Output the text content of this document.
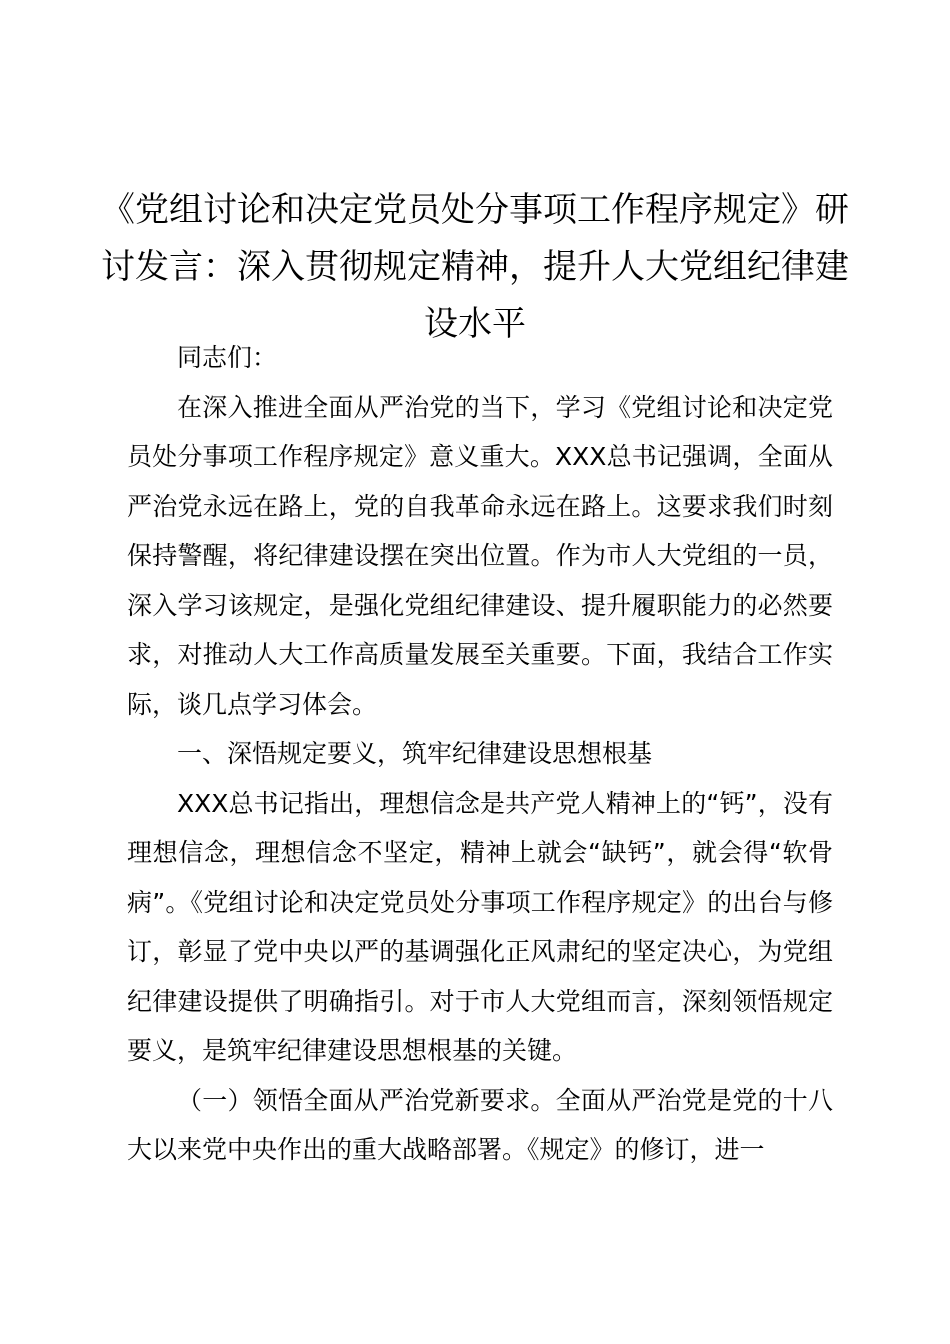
《党组讨论和决定党员处分事项工作程序规定》研讨发言：深入贯彻规定精神，提升人大党组纪律建设水平

同志们：

在深入推进全面从严治党的当下，学习《党组讨论和决定党员处分事项工作程序规定》意义重大。XXX总书记强调，全面从严治党永远在路上，党的自我革命永远在路上。这要求我们时刻保持警醒，将纪律建设摆在突出位置。作为市人大党组的一员，深入学习该规定，是强化党组纪律建设、提升履职能力的必然要求，对推动人大工作高质量发展至关重要。下面，我结合工作实际，谈几点学习体会。

一、深悟规定要义，筑牢纪律建设思想根基

XXX总书记指出，理想信念是共产党人精神上的“钙”，没有理想信念，理想信念不坚定，精神上就会“缺钙”，就会得“软骨病”。《党组讨论和决定党员处分事项工作程序规定》的出台与修订，彰显了党中央以严的基调强化正风肃纪的坚定决心，为党组纪律建设提供了明确指引。对于市人大党组而言，深刻领悟规定要义，是筑牢纪律建设思想根基的关键。

（一）领悟全面从严治党新要求。全面从严治党是党的十八大以来党中央作出的重大战略部署。《规定》的修订，进一
